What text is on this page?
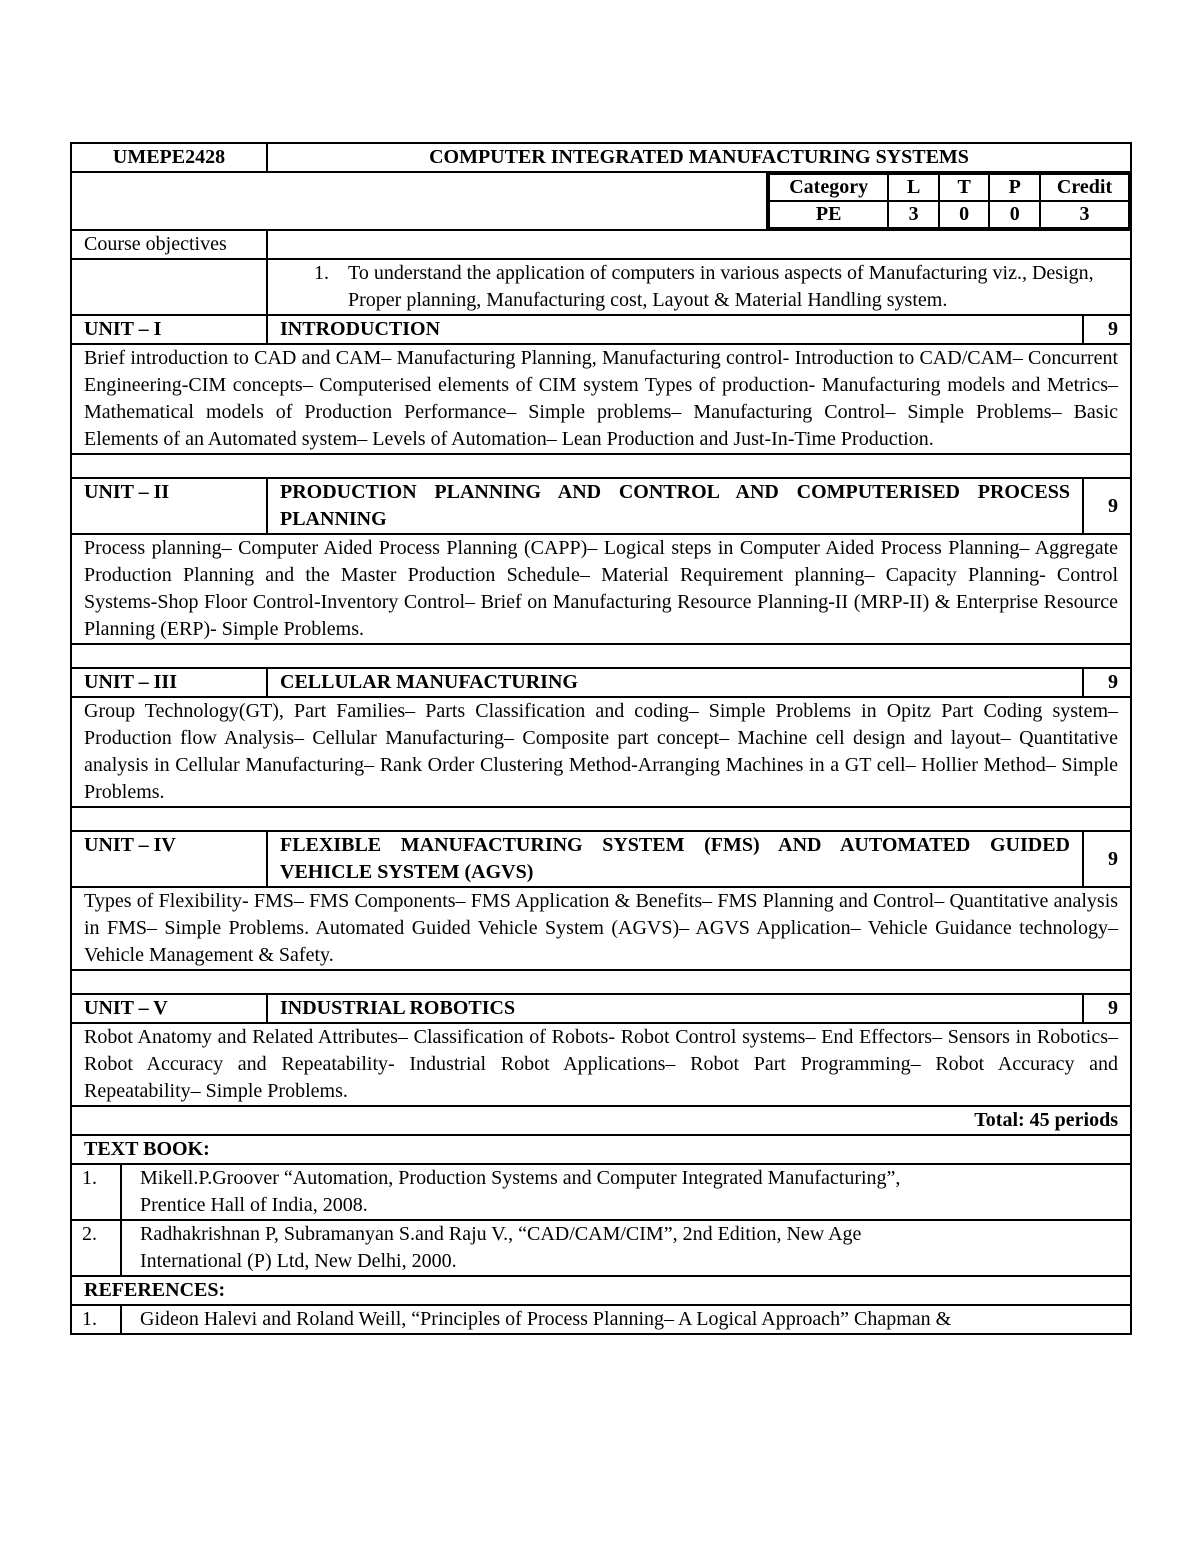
UMEPE2428	COMPUTER INTEGRATED MANUFACTURING SYSTEMS

Category	L	T	P	Credit
PE	3	0	0	3

Course objectives	

1. To understand the application of computers in various aspects of Manufacturing viz., Design, Proper planning, Manufacturing cost, Layout & Material Handling system.

UNIT – I	INTRODUCTION	9
Brief introduction to CAD and CAM– Manufacturing Planning, Manufacturing control- Introduction to CAD/CAM– Concurrent Engineering-CIM concepts– Computerised elements of CIM system Types of production- Manufacturing models and Metrics– Mathematical models of Production Performance– Simple problems– Manufacturing Control– Simple Problems– Basic Elements of an Automated system– Levels of Automation– Lean Production and Just-In-Time Production.

UNIT – II	PRODUCTION PLANNING AND CONTROL AND COMPUTERISED PROCESS PLANNING	9
Process planning– Computer Aided Process Planning (CAPP)– Logical steps in Computer Aided Process Planning– Aggregate Production Planning and the Master Production Schedule– Material Requirement planning– Capacity Planning- Control Systems-Shop Floor Control-Inventory Control– Brief on Manufacturing Resource Planning-II (MRP-II) & Enterprise Resource Planning (ERP)- Simple Problems.

UNIT – III	CELLULAR MANUFACTURING	9
Group Technology(GT), Part Families– Parts Classification and coding– Simple Problems in Opitz Part Coding system– Production flow Analysis– Cellular Manufacturing– Composite part concept– Machine cell design and layout– Quantitative analysis in Cellular Manufacturing– Rank Order Clustering Method-Arranging Machines in a GT cell– Hollier Method– Simple Problems.

UNIT – IV	FLEXIBLE MANUFACTURING SYSTEM (FMS) AND AUTOMATED GUIDED VEHICLE SYSTEM (AGVS)	9
Types of Flexibility- FMS– FMS Components– FMS Application & Benefits– FMS Planning and Control– Quantitative analysis in FMS– Simple Problems. Automated Guided Vehicle System (AGVS)– AGVS Application– Vehicle Guidance technology– Vehicle Management & Safety.

UNIT – V	INDUSTRIAL ROBOTICS	9
Robot Anatomy and Related Attributes– Classification of Robots- Robot Control systems– End Effectors– Sensors in Robotics– Robot Accuracy and Repeatability- Industrial Robot Applications– Robot Part Programming– Robot Accuracy and Repeatability– Simple Problems.
Total: 45 periods
TEXT BOOK:
1.	Mikell.P.Groover “Automation, Production Systems and Computer Integrated Manufacturing”,
Prentice Hall of India, 2008.

2.	Radhakrishnan P, Subramanyan S.and Raju V., “CAD/CAM/CIM”, 2nd Edition, New Age
International (P) Ltd, New Delhi, 2000.

REFERENCES:
1.	Gideon Halevi and Roland Weill, “Principles of Process Planning– A Logical Approach” Chapman &
